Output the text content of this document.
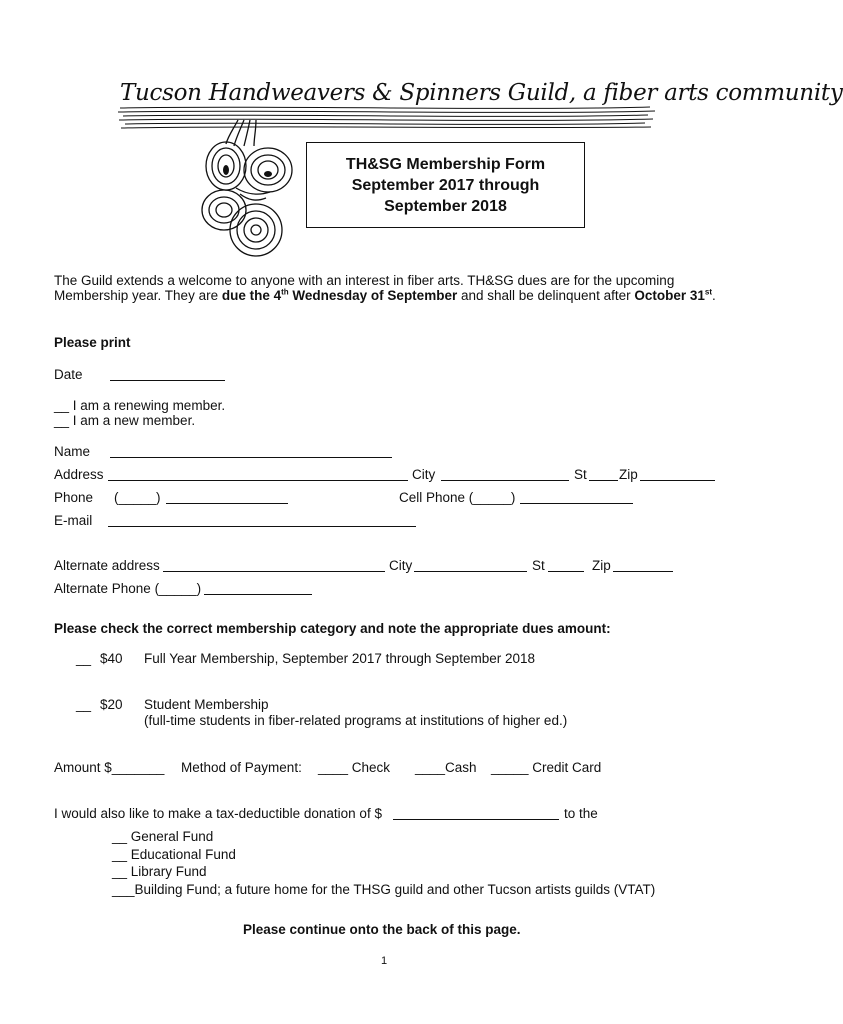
Tucson Handweavers & Spinners Guild, a fiber arts community
TH&SG Membership Form
September 2017 through
September 2018
The Guild extends a welcome to anyone with an interest in fiber arts. TH&SG dues are for the upcoming Membership year. They are due the 4th Wednesday of September and shall be delinquent after October 31st.
Please print
Date
__ I am a renewing member.
__ I am a new member.
Name
Address	City	St Zip
Phone (_____)	Cell Phone (_____)
E-mail
Alternate address	City	St	Zip
Alternate Phone (_____)
Please check the correct membership category and note the appropriate dues amount:
__ $40 Full Year Membership, September 2017 through September 2018
__ $20 Student Membership
(full-time students in fiber-related programs at institutions of higher ed.)
Amount $_______ Method of Payment: ____ Check ____Cash _____ Credit Card
I would also like to make a tax-deductible donation of $	to the
__ General Fund
__ Educational Fund
__ Library Fund
___Building Fund; a future home for the THSG guild and other Tucson artists guilds (VTAT)
Please continue onto the back of this page.
1
